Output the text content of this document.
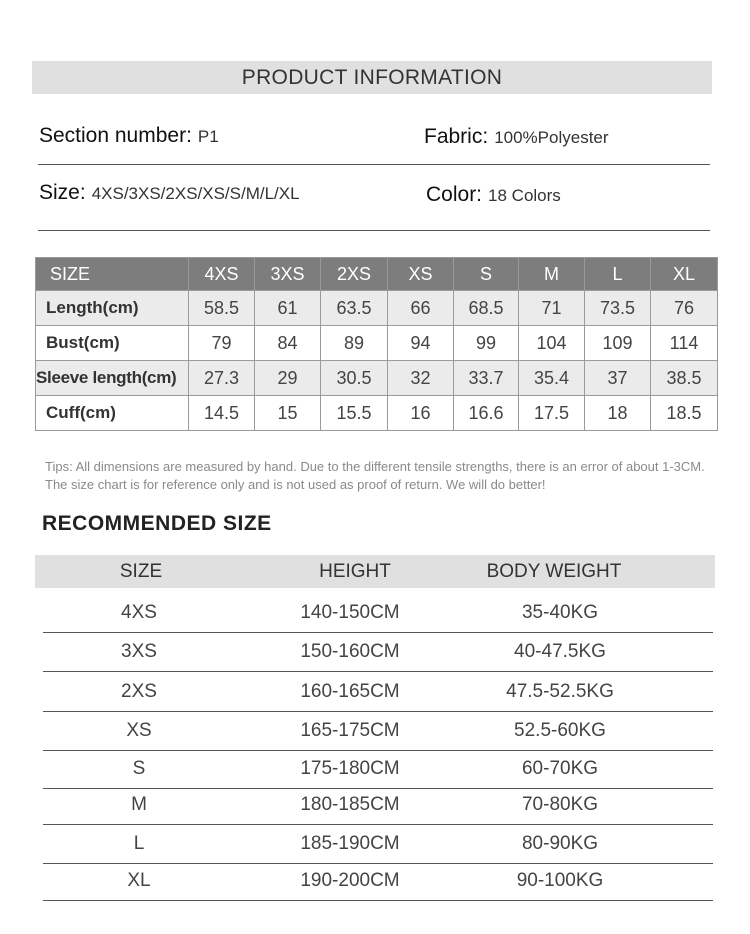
PRODUCT INFORMATION
Section number: P1	Fabric: 100%Polyester
Size: 4XS/3XS/2XS/XS/S/M/L/XL	Color: 18 Colors
SIZE	4XS	3XS	2XS	XS	S	M	L	XL
Length(cm)	58.5	61	63.5	66	68.5	71	73.5	76
Bust(cm)	79	84	89	94	99	104	109	114
Sleeve length(cm)	27.3	29	30.5	32	33.7	35.4	37	38.5
Cuff(cm)	14.5	15	15.5	16	16.6	17.5	18	18.5
Tips: All dimensions are measured by hand. Due to the different tensile strengths, there is an error of about 1-3CM. The size chart is for reference only and is not used as proof of return. We will do better!
RECOMMENDED SIZE
SIZE	HEIGHT	BODY WEIGHT
4XS	140-150CM	35-40KG
3XS	150-160CM	40-47.5KG
2XS	160-165CM	47.5-52.5KG
XS	165-175CM	52.5-60KG
S	175-180CM	60-70KG
M	180-185CM	70-80KG
L	185-190CM	80-90KG
XL	190-200CM	90-100KG
